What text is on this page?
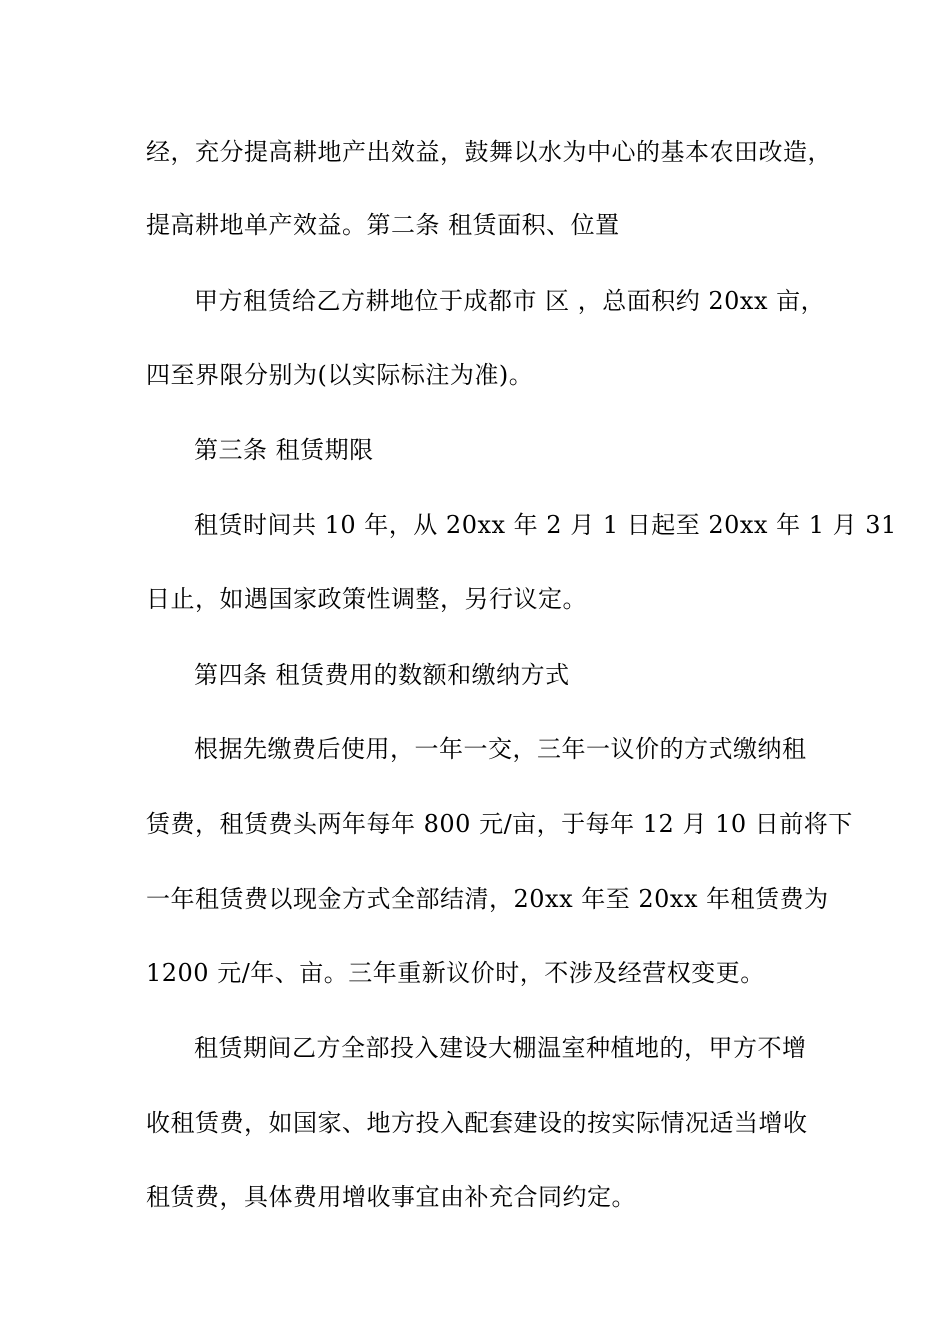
经，充分提高耕地产出效益，鼓舞以水为中心的基本农田改造，
提高耕地单产效益。第二条 租赁面积、位置
甲方租赁给乙方耕地位于成都市 区 ，总面积约 20xx 亩，
四至界限分别为(以实际标注为准)。
第三条 租赁期限
租赁时间共 10 年，从 20xx 年 2 月 1 日起至 20xx 年 1 月 31
日止，如遇国家政策性调整，另行议定。
第四条 租赁费用的数额和缴纳方式
根据先缴费后使用，一年一交，三年一议价的方式缴纳租
赁费，租赁费头两年每年 800 元/亩，于每年 12 月 10 日前将下
一年租赁费以现金方式全部结清，20xx 年至 20xx 年租赁费为
1200 元/年、亩。三年重新议价时，不涉及经营权变更。
租赁期间乙方全部投入建设大棚温室种植地的，甲方不增
收租赁费，如国家、地方投入配套建设的按实际情况适当增收
租赁费，具体费用增收事宜由补充合同约定。
